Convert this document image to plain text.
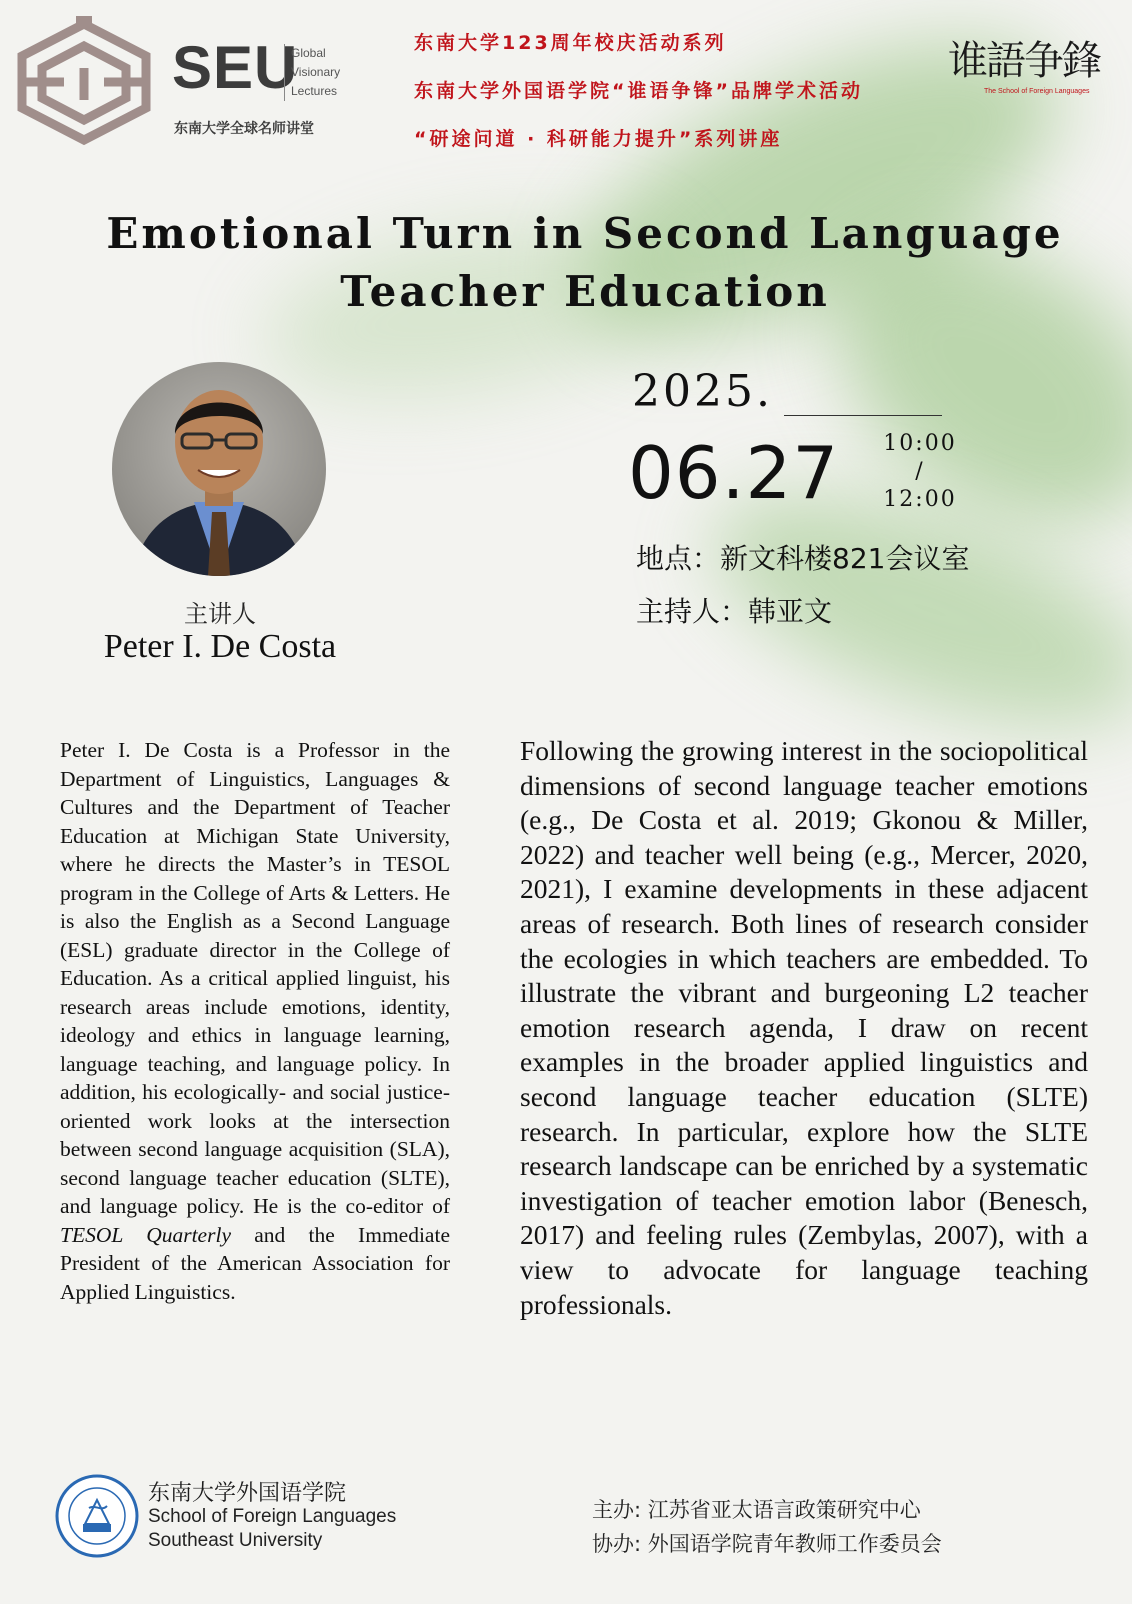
SEU
Global
Visionary
Lectures
东南大学全球名师讲堂
东南大学123周年校庆活动系列
东南大学外国语学院“谁语争锋”品牌学术活动
“研途问道 · 科研能力提升”系列讲座
谁語争鋒
The School of Foreign Languages
Emotional Turn in Second Language
Teacher Education
主讲人
Peter I. De Costa
2025.
06.27	10:00
/
12:00
地点：新文科楼821会议室
主持人：韩亚文
Peter I. De Costa is a Professor in the Department of Linguistics, Languages & Cultures and the Department of Teacher Education at Michigan State University, where he directs the Master’s in TESOL program in the College of Arts & Letters. He is also the English as a Second Language (ESL) graduate director in the College of Education. As a critical applied linguist, his research areas include emotions, identity, ideology and ethics in language learning, language teaching, and language policy. In addition, his ecologically- and social justice-oriented work looks at the intersection between second language acquisition (SLA), second language teacher education (SLTE), and language policy. He is the co-editor of TESOL Quarterly and the Immediate President of the American Association for Applied Linguistics.
Following the growing interest in the sociopolitical dimensions of second language teacher emotions (e.g., De Costa et al. 2019; Gkonou & Miller, 2022) and teacher well being (e.g., Mercer, 2020, 2021), I examine developments in these adjacent areas of research. Both lines of research consider the ecologies in which teachers are embedded. To illustrate the vibrant and burgeoning L2 teacher emotion research agenda, I draw on recent examples in the broader applied linguistics and second language teacher education (SLTE) research. In particular, explore how the SLTE research landscape can be enriched by a systematic investigation of teacher emotion labor (Benesch, 2017) and feeling rules (Zembylas, 2007), with a view to advocate for language teaching professionals.
东南大学外国语学院
School of Foreign Languages
Southeast University
主办: 江苏省亚太语言政策研究中心
协办: 外国语学院青年教师工作委员会
